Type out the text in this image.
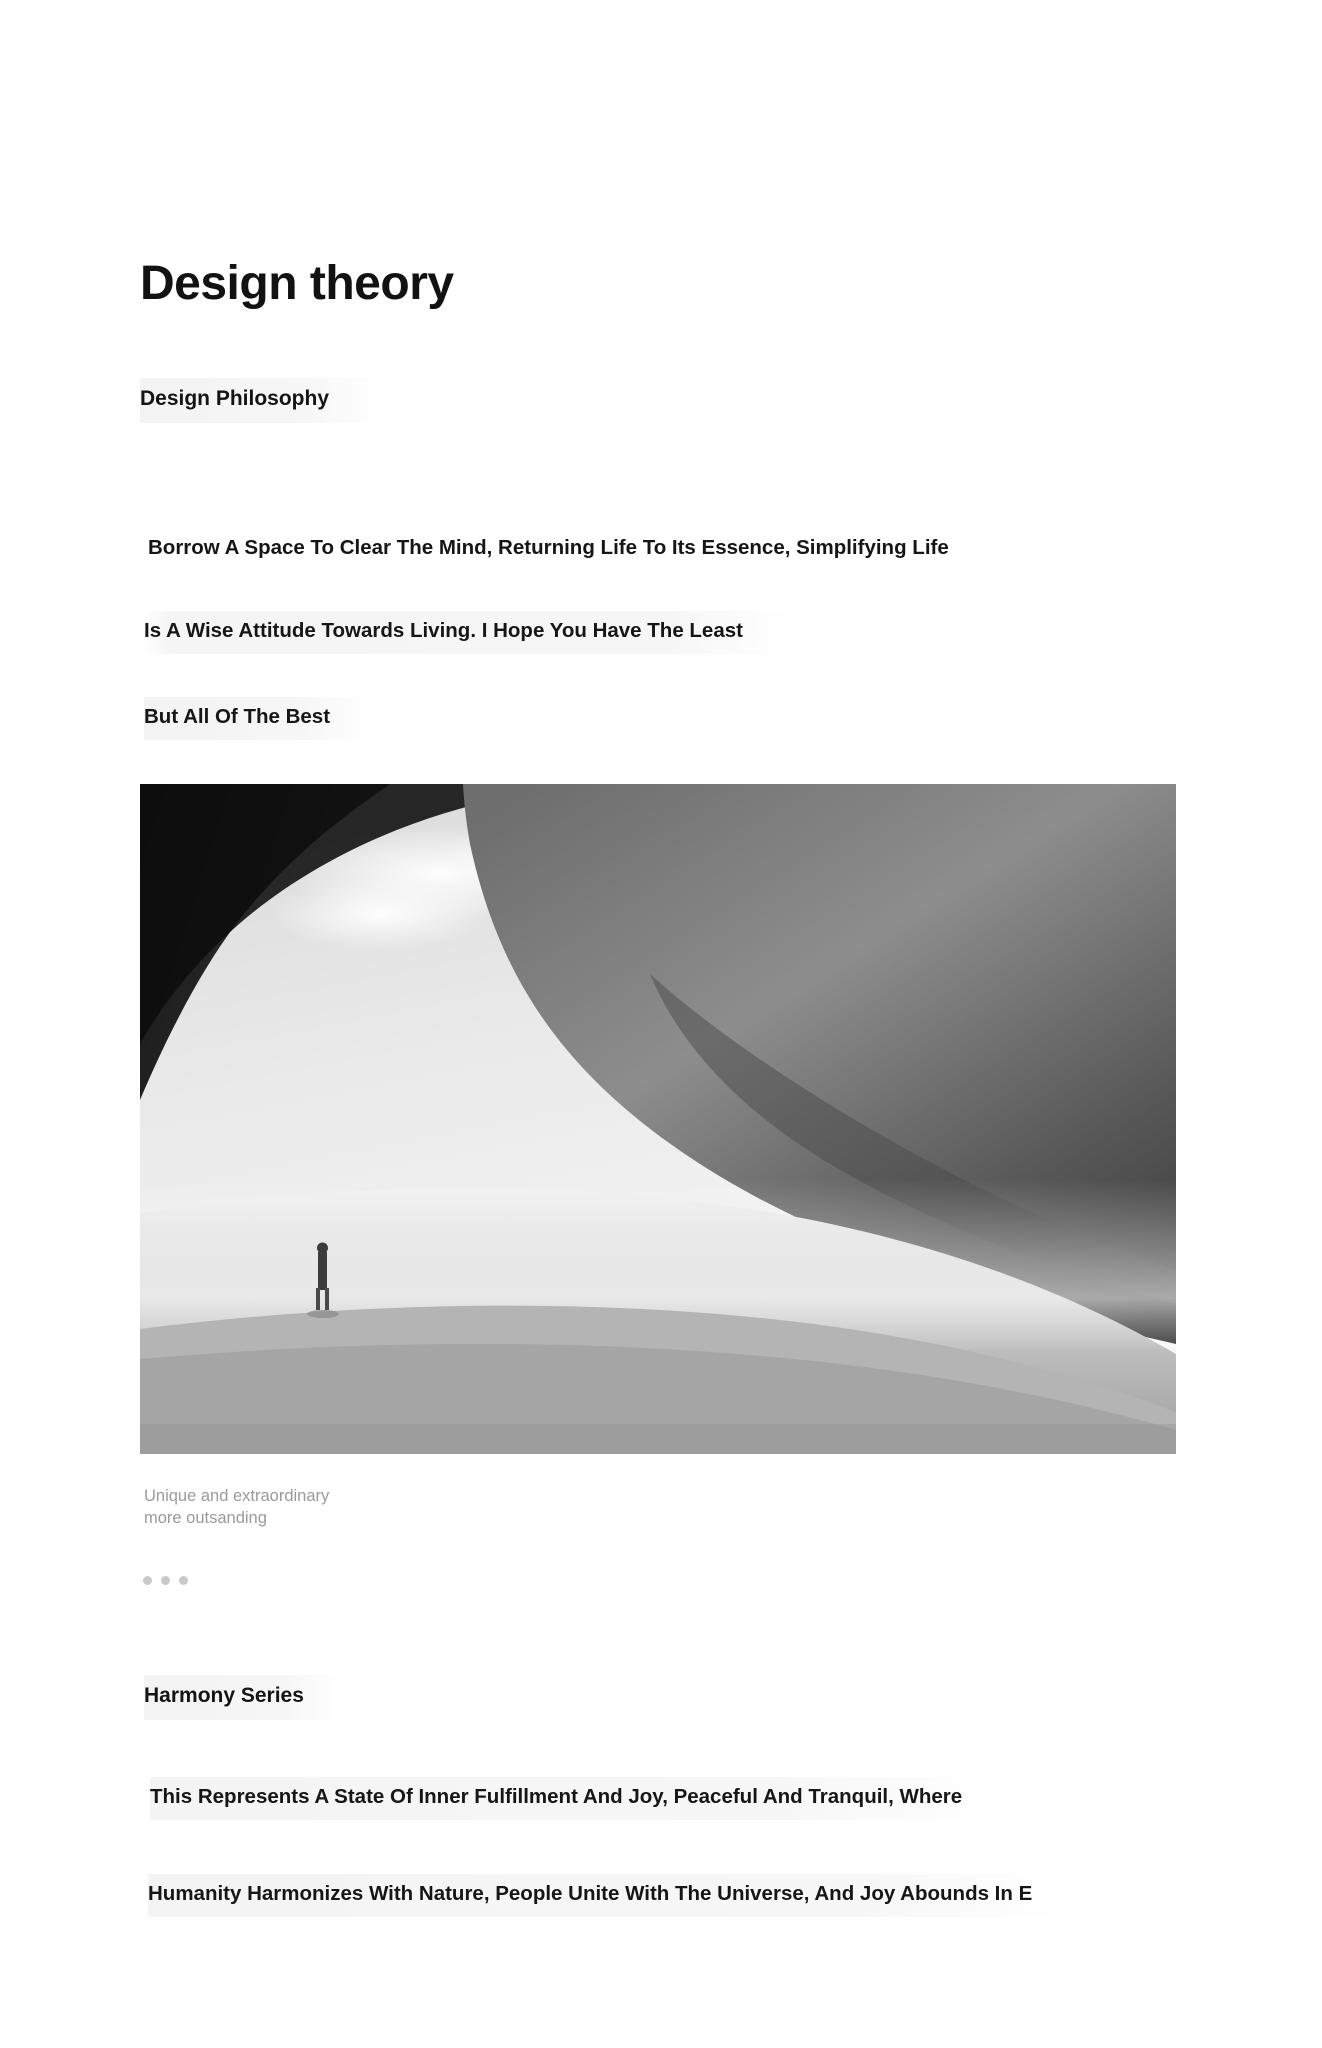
Design theory
Design Philosophy
Borrow A Space To Clear The Mind, Returning Life To Its Essence, Simplifying Life
Is A Wise Attitude Towards Living. I Hope You Have The Least
But All Of The Best
Unique and extraordinary
more outsanding
Harmony Series
This Represents A State Of Inner Fulfillment And Joy, Peaceful And Tranquil, Where
Humanity Harmonizes With Nature, People Unite With The Universe, And Joy Abounds In E
